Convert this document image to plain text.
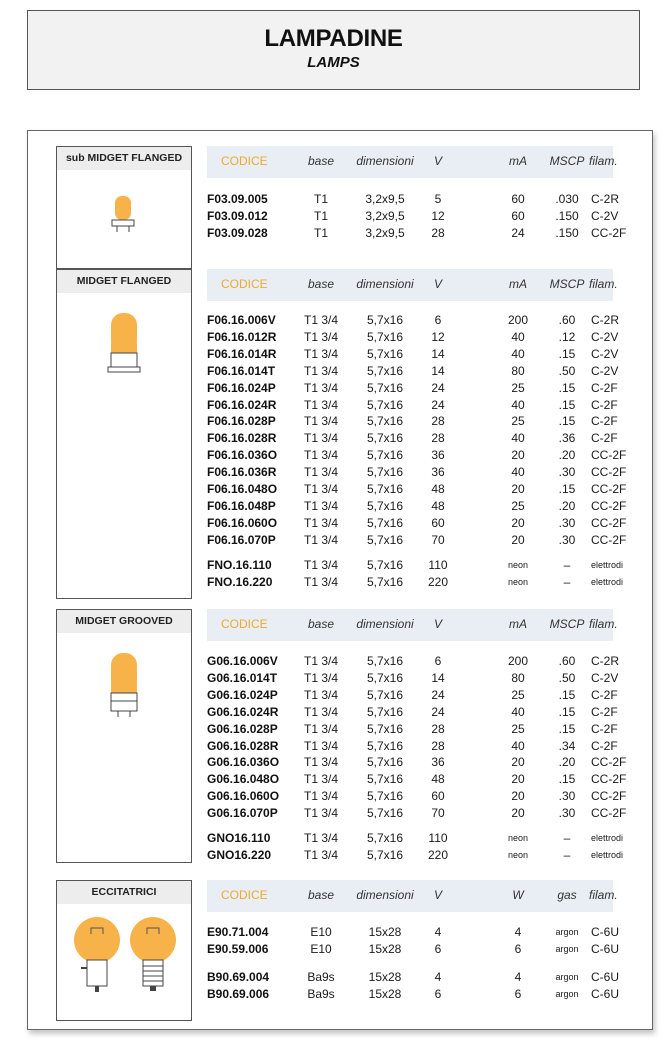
LAMPADINE
LAMPS
sub MIDGET FLANGED	CODICE	base	dimensioni	V	mA	MSCP filam.
F03.09.005	T1	3,2x9,5	5	60	.030	C-2R
F03.09.012	T1	3,2x9,5	12	60	.150	C-2V
F03.09.028	T1	3,2x9,5	28	24	.150	CC-2F
MIDGET FLANGED	CODICE	base	dimensioni	V	mA	MSCP filam.
F06.16.006V	T1 3/4	5,7x16	6	200	.60	C-2R
F06.16.012R	T1 3/4	5,7x16	12	40	.12	C-2V
F06.16.014R	T1 3/4	5,7x16	14	40	.15	C-2V
F06.16.014T	T1 3/4	5,7x16	14	80	.50	C-2V
F06.16.024P	T1 3/4	5,7x16	24	25	.15	C-2F
F06.16.024R	T1 3/4	5,7x16	24	40	.15	C-2F
F06.16.028P	T1 3/4	5,7x16	28	25	.15	C-2F
F06.16.028R	T1 3/4	5,7x16	28	40	.36	C-2F
F06.16.036O	T1 3/4	5,7x16	36	20	.20	CC-2F
F06.16.036R	T1 3/4	5,7x16	36	40	.30	CC-2F
F06.16.048O	T1 3/4	5,7x16	48	20	.15	CC-2F
F06.16.048P	T1 3/4	5,7x16	48	25	.20	CC-2F
F06.16.060O	T1 3/4	5,7x16	60	20	.30	CC-2F
F06.16.070P	T1 3/4	5,7x16	70	20	.30	CC-2F
FNO.16.110	T1 3/4	5,7x16	110	neon	–	elettrodi
FNO.16.220	T1 3/4	5,7x16	220	neon	–	elettrodi
MIDGET GROOVED	CODICE	base	dimensioni	V	mA	MSCP filam.
G06.16.006V	T1 3/4	5,7x16	6	200	.60	C-2R
G06.16.014T	T1 3/4	5,7x16	14	80	.50	C-2V
G06.16.024P	T1 3/4	5,7x16	24	25	.15	C-2F
G06.16.024R	T1 3/4	5,7x16	24	40	.15	C-2F
G06.16.028P	T1 3/4	5,7x16	28	25	.15	C-2F
G06.16.028R	T1 3/4	5,7x16	28	40	.34	C-2F
G06.16.036O	T1 3/4	5,7x16	36	20	.20	CC-2F
G06.16.048O	T1 3/4	5,7x16	48	20	.15	CC-2F
G06.16.060O	T1 3/4	5,7x16	60	20	.30	CC-2F
G06.16.070P	T1 3/4	5,7x16	70	20	.30	CC-2F
GNO16.110	T1 3/4	5,7x16	110	neon	–	elettrodi
GNO16.220	T1 3/4	5,7x16	220	neon	–	elettrodi
ECCITATRICI	CODICE	base	dimensioni	V	W	gas	filam.
E90.71.004	E10	15x28	4	4	argon	C-6U
E90.59.006	E10	15x28	6	6	argon	C-6U
B90.69.004	Ba9s	15x28	4	4	argon	C-6U
B90.69.006	Ba9s	15x28	6	6	argon	C-6U
